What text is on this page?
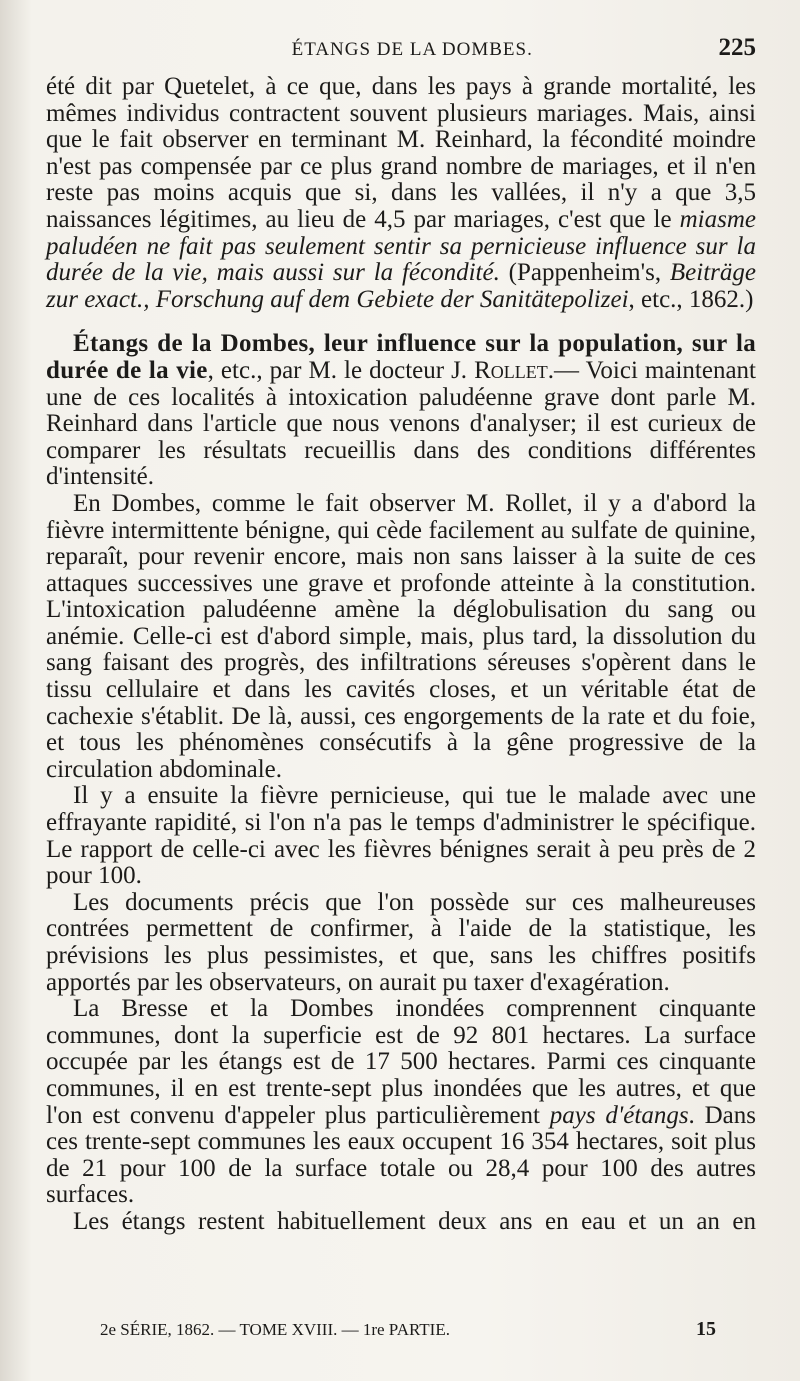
ÉTANGS DE LA DOMBES.	225

été dit par Quetelet, à ce que, dans les pays à grande mortalité, les mêmes individus contractent souvent plusieurs mariages. Mais, ainsi que le fait observer en terminant M. Reinhard, la fécondité moindre n'est pas compensée par ce plus grand nombre de mariages, et il n'en reste pas moins acquis que si, dans les vallées, il n'y a que 3,5 naissances légitimes, au lieu de 4,5 par mariages, c'est que le miasme paludéen ne fait pas seulement sentir sa pernicieuse influence sur la durée de la vie, mais aussi sur la fécondité. (Pappenheim's, Beiträge zur exact., Forschung auf dem Gebiete der Sanitätepolizei, etc., 1862.)

Étangs de la Dombes, leur influence sur la population, sur la durée de la vie, etc., par M. le docteur J. Rollet.— Voici maintenant une de ces localités à intoxication paludéenne grave dont parle M. Reinhard dans l'article que nous venons d'analyser; il est curieux de comparer les résultats recueillis dans des conditions différentes d'intensité.

En Dombes, comme le fait observer M. Rollet, il y a d'abord la fièvre intermittente bénigne, qui cède facilement au sulfate de quinine, reparaît, pour revenir encore, mais non sans laisser à la suite de ces attaques successives une grave et profonde atteinte à la constitution. L'intoxication paludéenne amène la déglobulisation du sang ou anémie. Celle-ci est d'abord simple, mais, plus tard, la dissolution du sang faisant des progrès, des infiltrations séreuses s'opèrent dans le tissu cellulaire et dans les cavités closes, et un véritable état de cachexie s'établit. De là, aussi, ces engorgements de la rate et du foie, et tous les phénomènes consécutifs à la gêne progressive de la circulation abdominale.

Il y a ensuite la fièvre pernicieuse, qui tue le malade avec une effrayante rapidité, si l'on n'a pas le temps d'administrer le spécifique. Le rapport de celle-ci avec les fièvres bénignes serait à peu près de 2 pour 100.

Les documents précis que l'on possède sur ces malheureuses contrées permettent de confirmer, à l'aide de la statistique, les prévisions les plus pessimistes, et que, sans les chiffres positifs apportés par les observateurs, on aurait pu taxer d'exagération.

La Bresse et la Dombes inondées comprennent cinquante communes, dont la superficie est de 92 801 hectares. La surface occupée par les étangs est de 17 500 hectares. Parmi ces cinquante communes, il en est trente-sept plus inondées que les autres, et que l'on est convenu d'appeler plus particulièrement pays d'étangs. Dans ces trente-sept communes les eaux occupent 16 354 hectares, soit plus de 21 pour 100 de la surface totale ou 28,4 pour 100 des autres surfaces.

Les étangs restent habituellement deux ans en eau et un an en

2e SÉRIE, 1862. — TOME XVIII. — 1re PARTIE.	15
